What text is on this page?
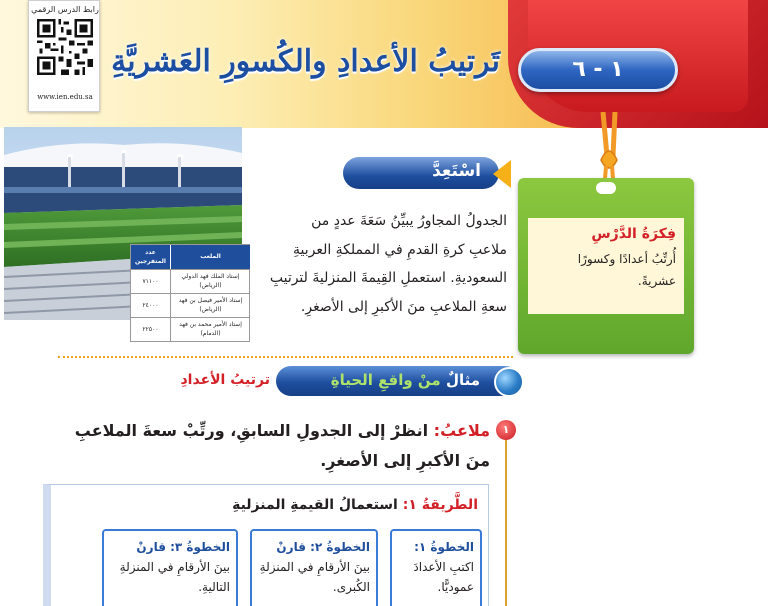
رابط الدرس الرقمي
www.ien.edu.sa
تَرتيبُ الأعدادِ والكُسورِ العَشريَّةِ	١ - ٦
فِكرَةُ الدَّرْسِ
أُرتِّبُ أعدادًا وكسورًا عشريةً.
اسْتَعِدَّ
الجدولُ المجاورُ يبيِّنُ سَعَةَ عددٍ من
ملاعبِ كرةِ القدمِ في المملكةِ العربيةِ
السعوديةِ. استعملِ القِيمةَ المنزليةَ لترتيبِ
سعةِ الملاعبِ منَ الأكبرِ إلى الأصغرِ.
الملعب
عدد المتفرجين
إستاد الملك فهد الدولي (الرياض)
٧١١٠٠
إستاد الأمير فيصل بن فهد (الرياض)
٢٤٠٠٠
إستاد الأمير محمد بن فهد (الدمام)
٢٢٥٠٠
مثالٌ منْ واقعِ الحياةِ
ترتيبُ الأعدادِ
١
ملاعبُ: انظرْ إلى الجدولِ السابقِ، ورتِّبْ سعةَ الملاعبِ منَ الأكبرِ إلى الأصغرِ.
الطَّريقةُ ١: استعمالُ القيمةِ المنزليةِ
الخطوةُ ١:
اكتبِ الأعدادَ عموديًّا.
الخطوةُ ٢: قارنْ
بينَ الأرقامِ في المنزلةِ الكُبرى.
الخطوةُ ٣: قارنْ
بينَ الأرقامِ في المنزلةِ التاليةِ.
